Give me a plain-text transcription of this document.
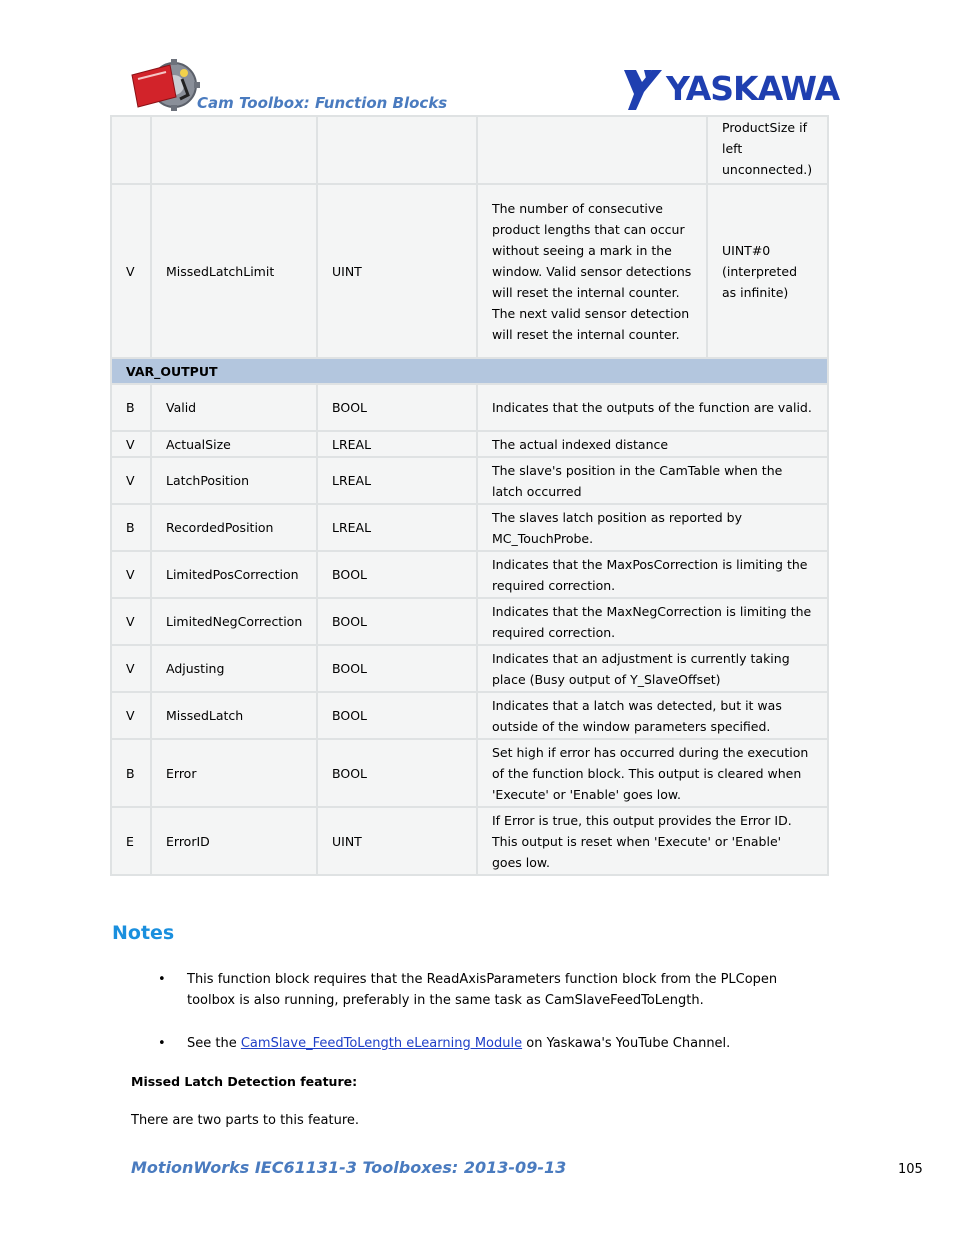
Cam Toolbox: Function Blocks	YASKAWA
				ProductSize if left unconnected.)
V	MissedLatchLimit	UINT	The number of consecutive product lengths that can occur without seeing a mark in the window. Valid sensor detections will reset the internal counter. The next valid sensor detection will reset the internal counter.	UINT#0 (interpreted as infinite)
VAR_OUTPUT				
B	Valid	BOOL	Indicates that the outputs of the function are valid.	
V	ActualSize	LREAL	The actual indexed distance	
V	LatchPosition	LREAL	The slave's position in the CamTable when the latch occurred	
B	RecordedPosition	LREAL	The slaves latch position as reported by MC_TouchProbe.	
V	LimitedPosCorrection	BOOL	Indicates that the MaxPosCorrection is limiting the required correction.	
V	LimitedNegCorrection	BOOL	Indicates that the MaxNegCorrection is limiting the required correction.	
V	Adjusting	BOOL	Indicates that an adjustment is currently taking place (Busy output of Y_SlaveOffset)	
V	MissedLatch	BOOL	Indicates that a latch was detected, but it was outside of the window parameters specified.	
B	Error	BOOL	Set high if error has occurred during the execution of the function block. This output is cleared when 'Execute' or 'Enable' goes low.	
E	ErrorID	UINT	If Error is true, this output provides the Error ID. This output is reset when 'Execute' or 'Enable' goes low.	
Notes
• This function block requires that the ReadAxisParameters function block from the PLCopen toolbox is also running, preferably in the same task as CamSlaveFeedToLength.
• See the CamSlave_FeedToLength eLearning Module on Yaskawa's YouTube Channel.
Missed Latch Detection feature:
There are two parts to this feature.
MotionWorks IEC61131-3 Toolboxes: 2013-09-13	105
